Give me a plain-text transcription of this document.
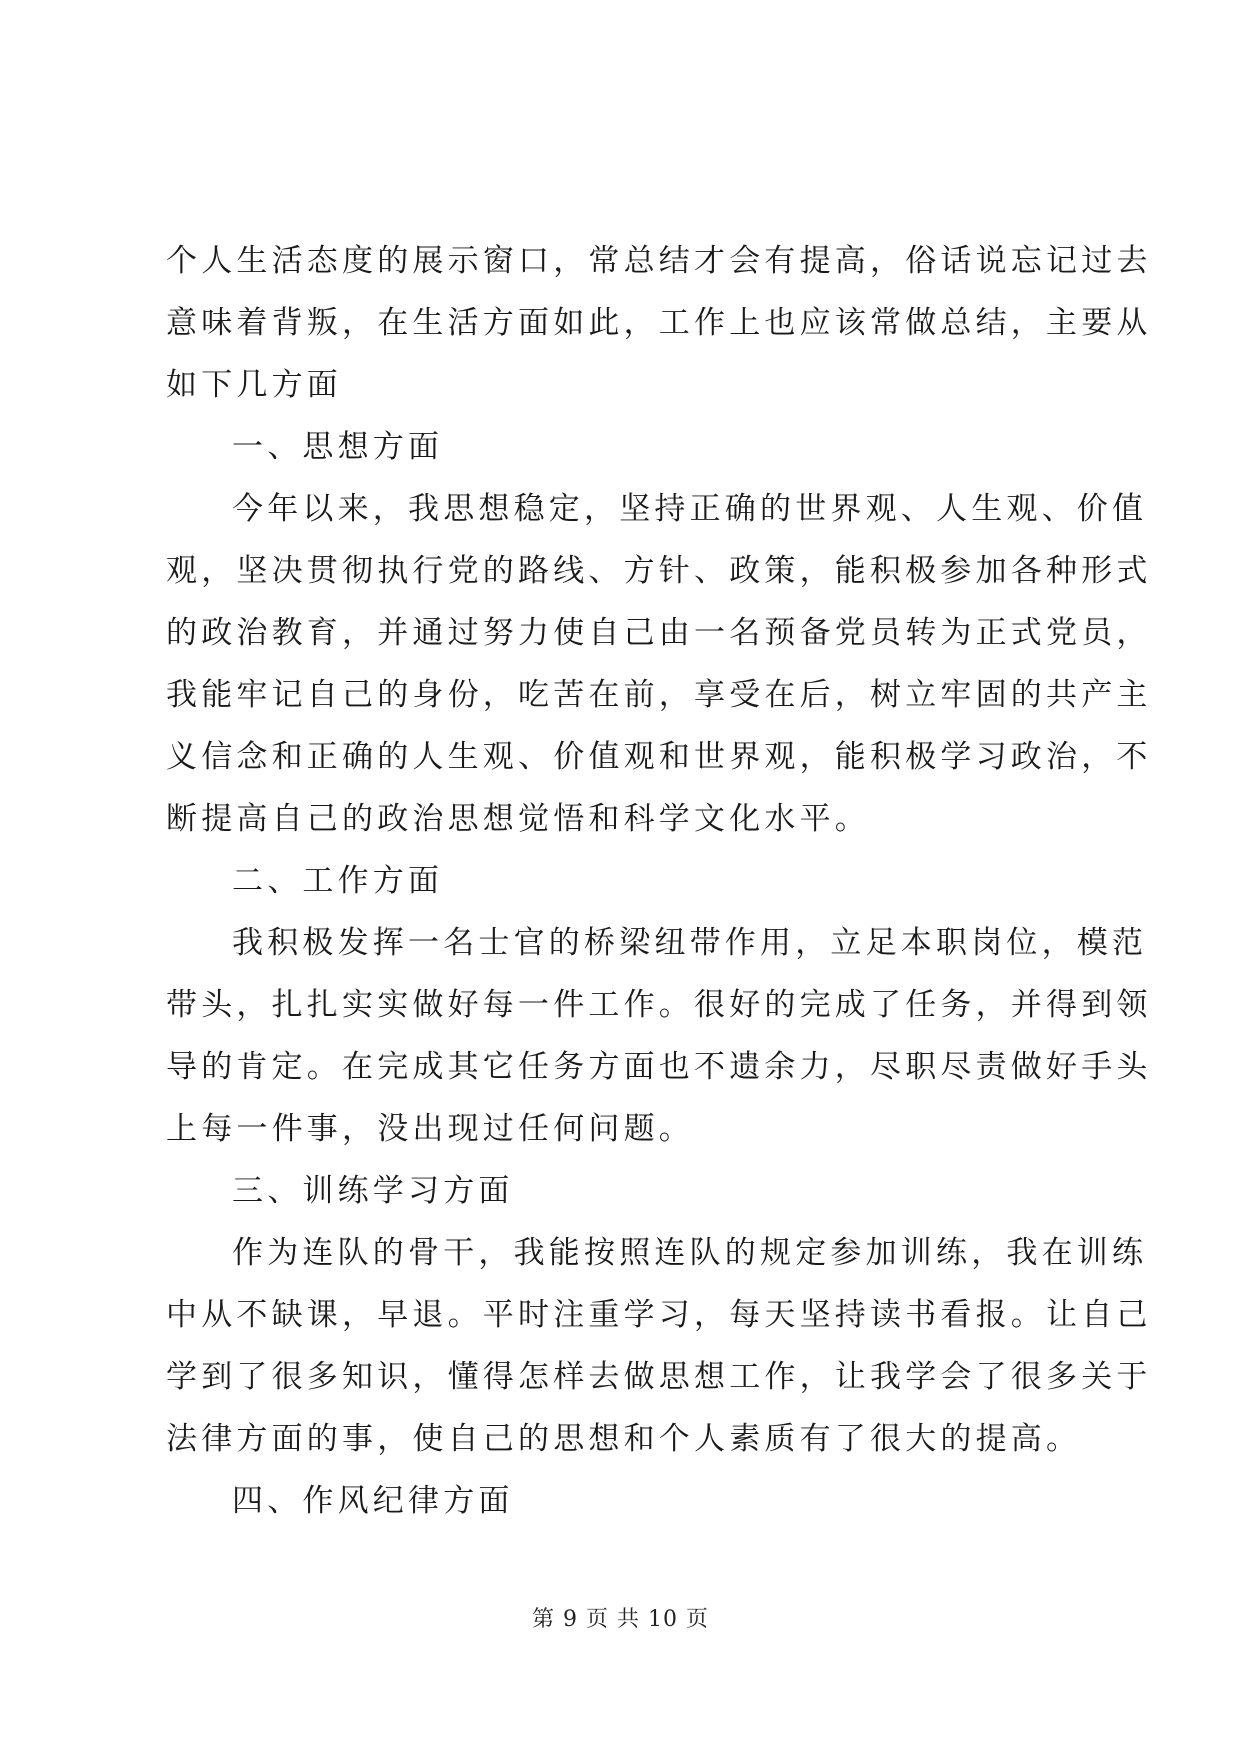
个人生活态度的展示窗口，常总结才会有提高，俗话说忘记过去
意味着背叛，在生活方面如此，工作上也应该常做总结，主要从
如下几方面
一、思想方面
今年以来，我思想稳定，坚持正确的世界观、人生观、价值
观，坚决贯彻执行党的路线、方针、政策，能积极参加各种形式
的政治教育，并通过努力使自己由一名预备党员转为正式党员，
我能牢记自己的身份，吃苦在前，享受在后，树立牢固的共产主
义信念和正确的人生观、价值观和世界观，能积极学习政治，不
断提高自己的政治思想觉悟和科学文化水平。
二、工作方面
我积极发挥一名士官的桥梁纽带作用，立足本职岗位，模范
带头，扎扎实实做好每一件工作。很好的完成了任务，并得到领
导的肯定。在完成其它任务方面也不遗余力，尽职尽责做好手头
上每一件事，没出现过任何问题。
三、训练学习方面
作为连队的骨干，我能按照连队的规定参加训练，我在训练
中从不缺课，早退。平时注重学习，每天坚持读书看报。让自己
学到了很多知识，懂得怎样去做思想工作，让我学会了很多关于
法律方面的事，使自己的思想和个人素质有了很大的提高。
四、作风纪律方面
第 9 页 共 10 页
